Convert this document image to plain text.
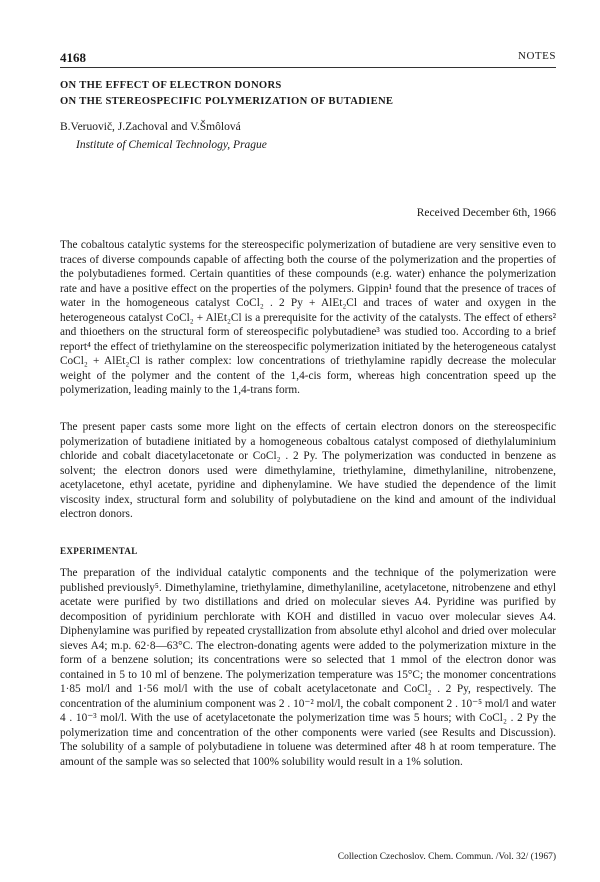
4168	NOTES
ON THE EFFECT OF ELECTRON DONORS
ON THE STEREOSPECIFIC POLYMERIZATION OF BUTADIENE
B.Veruovič, J.Zachoval and V.Šmôlová
Institute of Chemical Technology, Prague
Received December 6th, 1966

The cobaltous catalytic systems for the stereospecific polymerization of butadiene are very sensitive even to traces of diverse compounds capable of affecting both the course of the polymerization and the properties of the polybutadienes formed. Certain quantities of these compounds (e.g. water) enhance the polymerization rate and have a positive effect on the properties of the polymers. Gippin¹ found that the presence of traces of water in the homogeneous catalyst CoCl₂ . 2 Py + AlEt₂Cl and traces of water and oxygen in the heterogeneous catalyst CoCl₂ + AlEt₂Cl is a prerequisite for the activity of the catalysts. The effect of ethers² and thioethers on the structural form of stereospecific polybutadiene³ was studied too. According to a brief report⁴ the effect of triethylamine on the stereospecific polymerization initiated by the heterogeneous catalyst CoCl₂ + AlEt₂Cl is rather complex: low concentrations of triethylamine rapidly decrease the molecular weight of the polymer and the content of the 1,4-cis form, whereas high concentration speed up the polymerization, leading mainly to the 1,4-trans form.

The present paper casts some more light on the effects of certain electron donors on the stereospecific polymerization of butadiene initiated by a homogeneous cobaltous catalyst composed of diethylaluminium chloride and cobalt diacetylacetonate or CoCl₂ . 2 Py. The polymerization was conducted in benzene as solvent; the electron donors used were dimethylamine, triethylamine, dimethylaniline, nitrobenzene, acetylacetone, ethyl acetate, pyridine and diphenylamine. We have studied the dependence of the limit viscosity index, structural form and solubility of polybutadiene on the kind and amount of the individual electron donors.

EXPERIMENTAL

The preparation of the individual catalytic components and the technique of the polymerization were published previously⁵. Dimethylamine, triethylamine, dimethylaniline, acetylacetone, nitrobenzene and ethyl acetate were purified by two distillations and dried on molecular sieves A4. Pyridine was purified by decomposition of pyridinium perchlorate with KOH and distilled in vacuo over molecular sieves A4. Diphenylamine was purified by repeated crystallization from absolute ethyl alcohol and dried over molecular sieves A4; m.p. 62·8—63°C. The electron-donating agents were added to the polymerization mixture in the form of a benzene solution; its concentrations were so selected that 1 mmol of the electron donor was contained in 5 to 10 ml of benzene. The polymerization temperature was 15°C; the monomer concentrations 1·85 mol/l and 1·56 mol/l with the use of cobalt acetylacetonate and CoCl₂ . 2 Py, respectively. The concentration of the aluminium component was 2 . 10⁻² mol/l, the cobalt component 2 . 10⁻⁵ mol/l and water 4 . 10⁻³ mol/l. With the use of acetylacetonate the polymerization time was 5 hours; with CoCl₂ . 2 Py the polymerization time and concentration of the other components were varied (see Results and Discussion). The solubility of a sample of polybutadiene in toluene was determined after 48 h at room temperature. The amount of the sample was so selected that 100% solubility would result in a 1% solution.

Collection Czechoslov. Chem. Commun. /Vol. 32/ (1967)
